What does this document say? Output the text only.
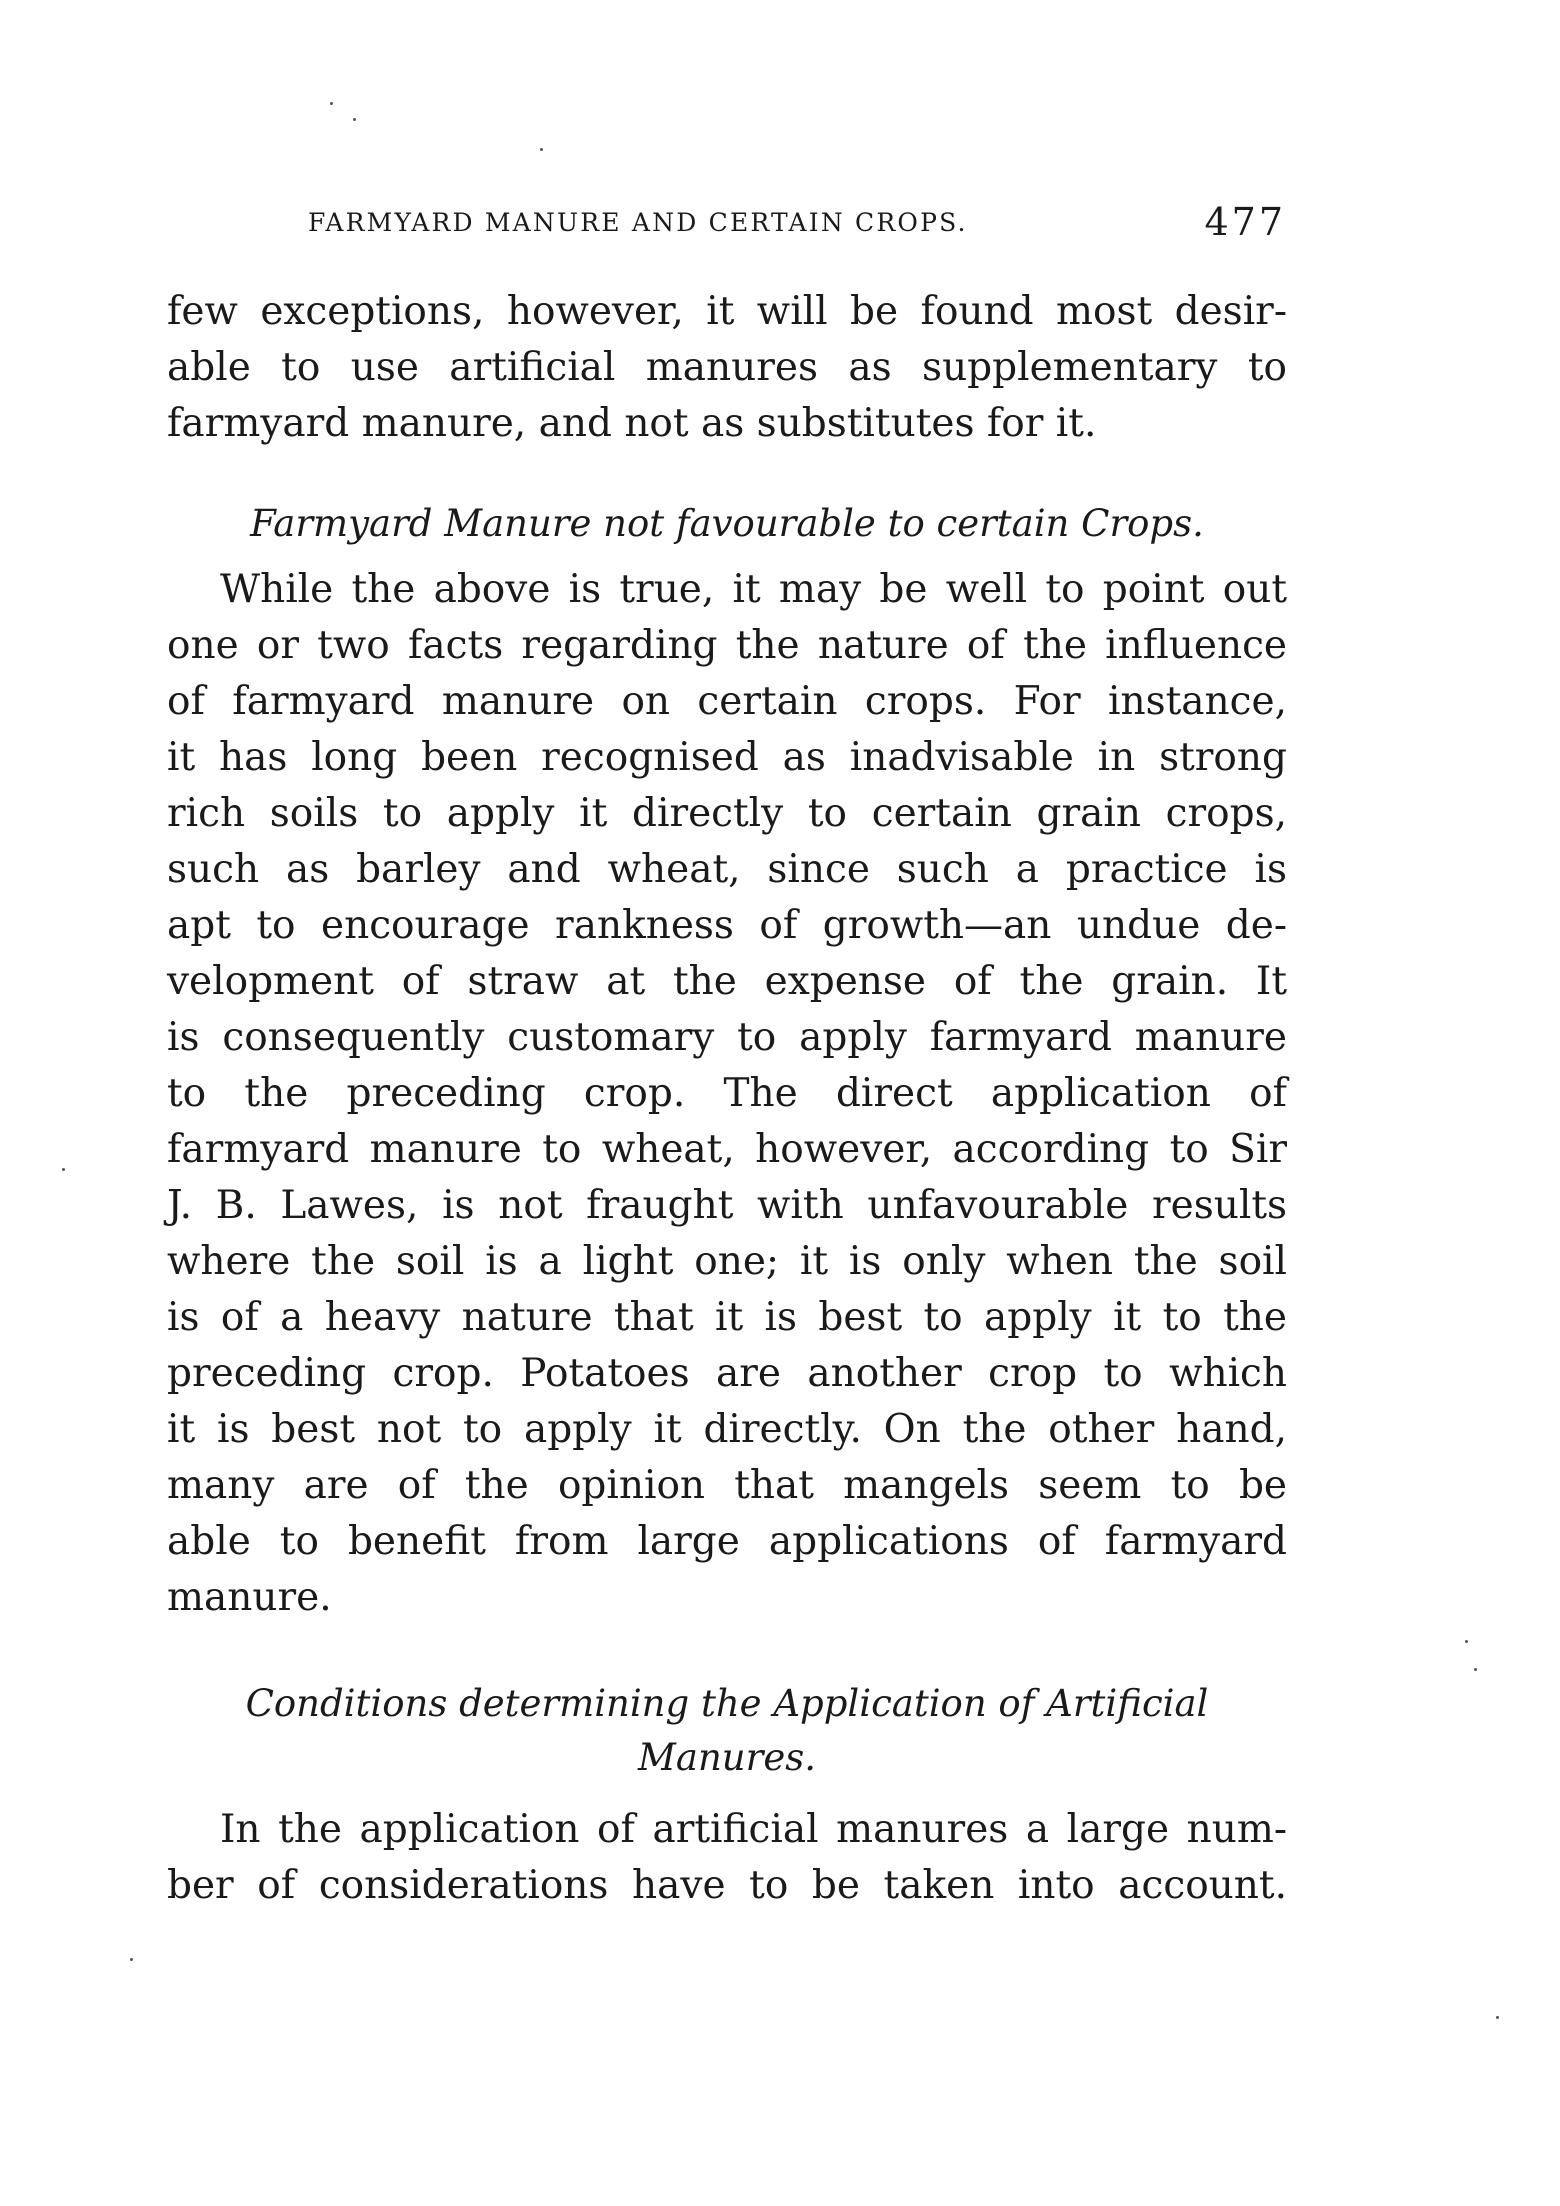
FARMYARD MANURE AND CERTAIN CROPS.	477
few exceptions, however, it will be found most desir-
able to use artificial manures as supplementary to
farmyard manure, and not as substitutes for it.
Farmyard Manure not favourable to certain Crops.
While the above is true, it may be well to point out
one or two facts regarding the nature of the influence
of farmyard manure on certain crops. For instance,
it has long been recognised as inadvisable in strong
rich soils to apply it directly to certain grain crops,
such as barley and wheat, since such a practice is
apt to encourage rankness of growth—an undue de-
velopment of straw at the expense of the grain. It
is consequently customary to apply farmyard manure
to the preceding crop. The direct application of
farmyard manure to wheat, however, according to Sir
J. B. Lawes, is not fraught with unfavourable results
where the soil is a light one; it is only when the soil
is of a heavy nature that it is best to apply it to the
preceding crop. Potatoes are another crop to which
it is best not to apply it directly. On the other hand,
many are of the opinion that mangels seem to be
able to benefit from large applications of farmyard
manure.
Conditions determining the Application of Artificial
Manures.
In the application of artificial manures a large num-
ber of considerations have to be taken into account.
